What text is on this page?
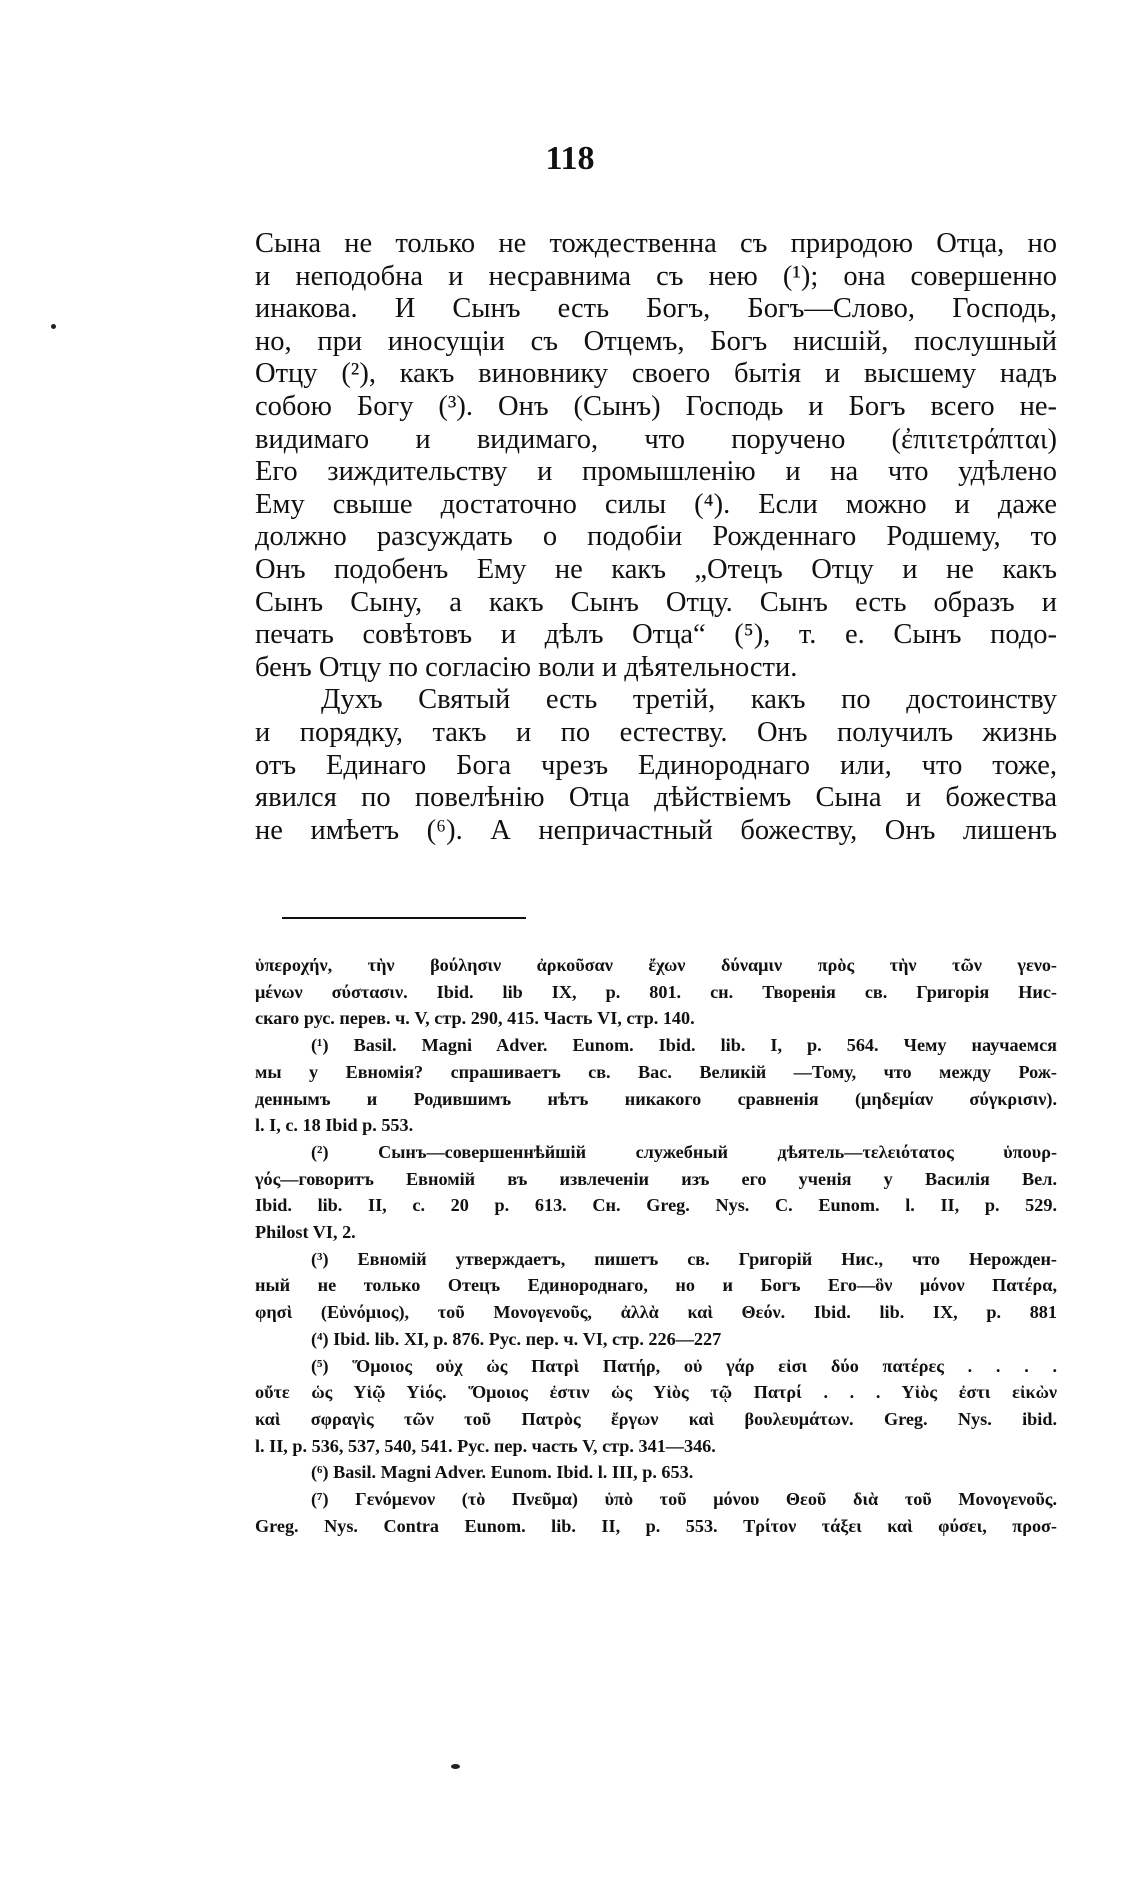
118

Сына не только не тождественна съ природою Отца, но

и неподобна и несравнима съ нею (¹); она совершенно

инакова. И Сынъ есть Богъ, Богъ—Слово, Господь,

но, при иносущіи съ Отцемъ, Богъ нисшій, послушный

Отцу (²), какъ виновнику своего бытія и высшему надъ

собою Богу (³). Онъ (Сынъ) Господь и Богъ всего не-

видимаго и видимаго, что поручено (ἐπιτετράπται)

Его зиждительству и промышленію и на что удѣлено

Ему свыше достаточно силы (⁴). Если можно и даже

должно разсуждать о подобіи Рожденнаго Родшему, то

Онъ подобенъ Ему не какъ „Отецъ Отцу и не какъ

Сынъ Сыну, а какъ Сынъ Отцу. Сынъ есть образъ и

печать совѣтовъ и дѣлъ Отца“ (⁵), т. е. Сынъ подо-

бенъ Отцу по согласію воли и дѣятельности.

Духъ Святый есть третій, какъ по достоинству

и порядку, такъ и по естеству. Онъ получилъ жизнь

отъ Единаго Бога чрезъ Единороднаго или, что тоже,

явился по повелѣнію Отца дѣйствіемъ Сына и божества

не имѣетъ (⁶). А непричастный божеству, Онъ лишенъ

ὑπεροχήν, τὴν βούλησιν ἀρκοῦσαν ἔχων δύναμιν πρὸς τὴν τῶν γενο-

μένων σύστασιν. Ibid. lib IX, p. 801. сн. Творенія св. Григорія Нис-

скаго рус. перев. ч. V, стр. 290, 415. Часть VI, стр. 140.

(¹) Basil. Magni Adver. Eunom. Ibid. lib. I, p. 564. Чему научаемся

мы у Евномія? спрашиваетъ св. Вас. Великій —Тому, что между Рож-

деннымъ и Родившимъ нѣтъ никакого сравненія (μηδεμίαν σύγκρισιν).

l. I, c. 18 Ibid p. 553.

(²) Сынъ—совершеннѣйшій служебный дѣятель—τελειότατος ὑπουρ-

γός—говоритъ Евномій въ извлеченіи изъ его ученія у Василія Вел.

Ibid. lib. II, c. 20 p. 613. Сн. Greg. Nys. C. Eunom. l. II, p. 529.

Philost VI, 2.

(³) Евномій утверждаетъ, пишетъ св. Григорій Нис., что Нерожден-

ный не только Отецъ Единороднаго, но и Богъ Его—ὃν μόνον Πατέρα,

φησὶ (Εὐνόμιος), τοῦ Μονογενοῦς, ἀλλὰ καὶ Θεόν. Ibid. lib. IX, p. 881

(⁴) Ibid. lib. XI, p. 876. Рус. пер. ч. VI, стр. 226—227

(⁵) Ὅμοιος οὐχ ὡς Πατρὶ Πατήρ, οὐ γάρ εἰσι δύο πατέρες . . . .

οὔτε ὡς Υἱῷ Υἱός. Ὅμοιος ἐστιν ὡς Υἱὸς τῷ Πατρί . . . Υἱὸς ἐστι εἰκὼν

καὶ σφραγὶς τῶν τοῦ Πατρὸς ἔργων καὶ βουλευμάτων. Greg. Nys. ibid.

l. II, p. 536, 537, 540, 541. Рус. пер. часть V, стр. 341—346.

(⁶) Basil. Magni Adver. Eunom. Ibid. l. III, p. 653.

(⁷) Γενόμενον (τὸ Πνεῦμα) ὑπὸ τοῦ μόνου Θεοῦ διὰ τοῦ Μονογενοῦς.

Greg. Nys. Contra Eunom. lib. II, p. 553. Τρίτον τάξει καὶ φύσει, προσ-
